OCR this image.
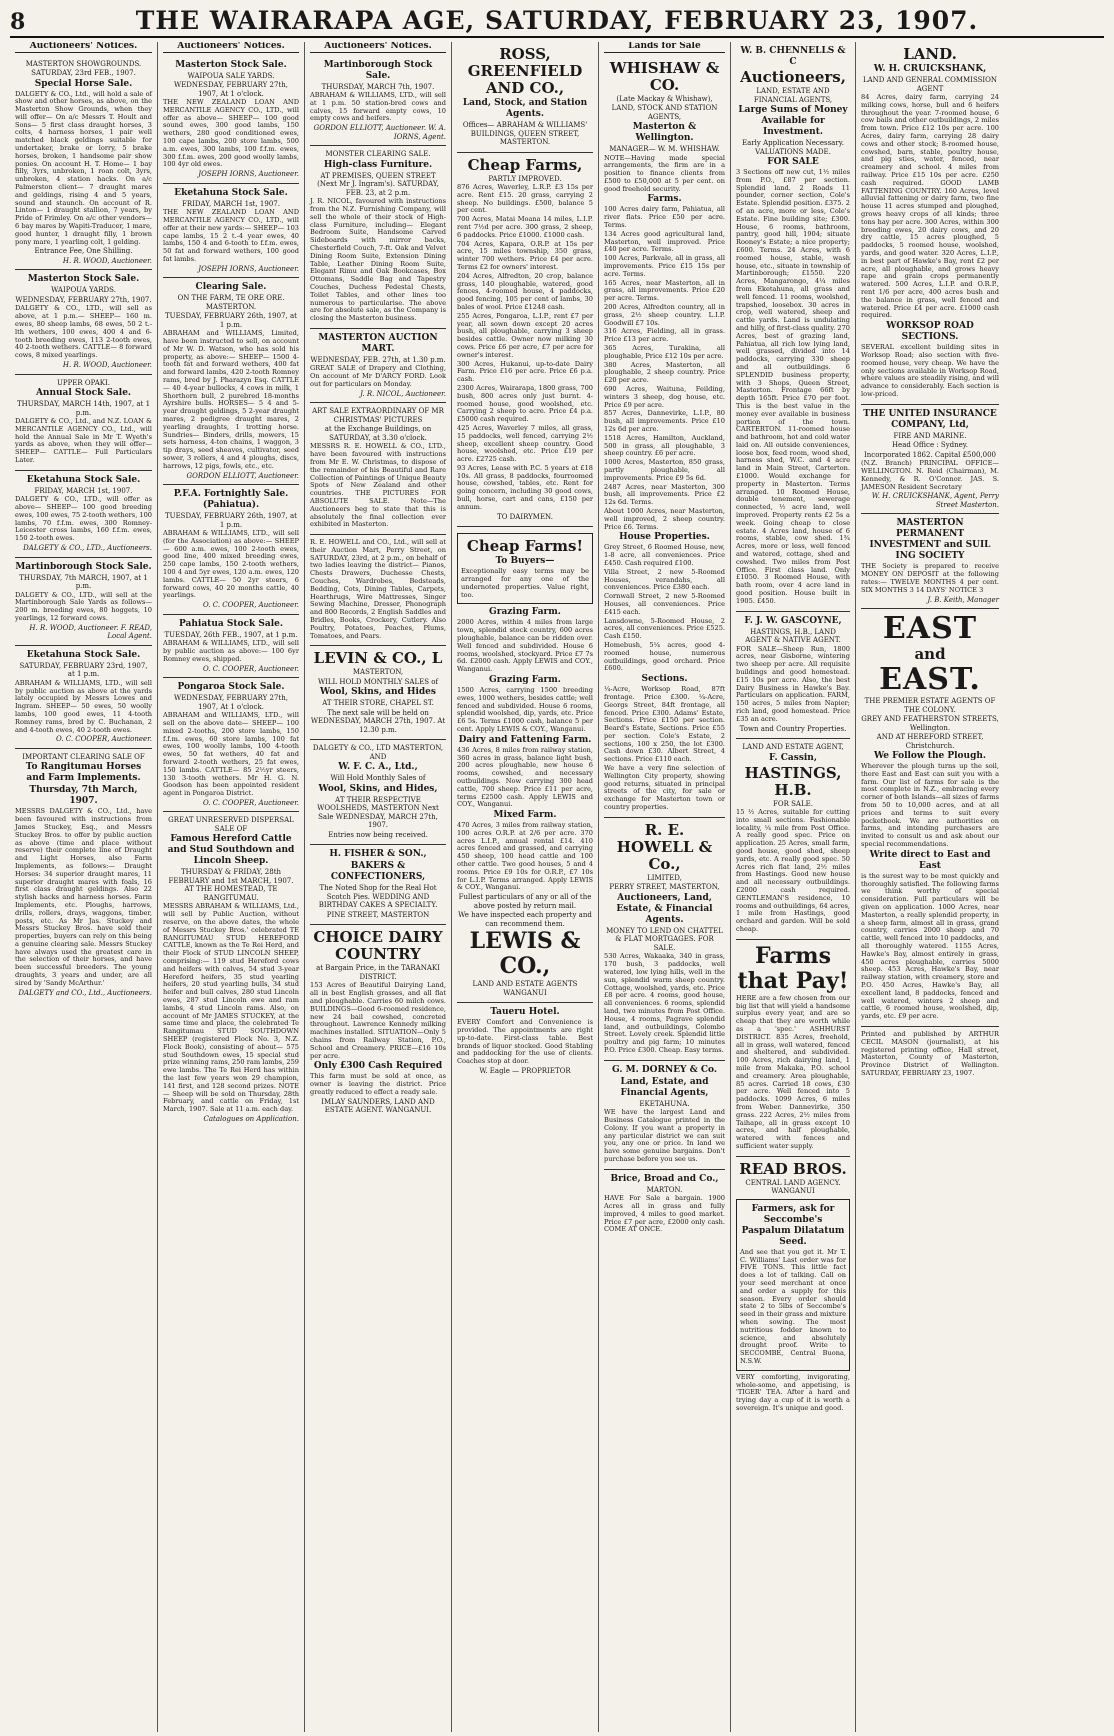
8	THE WAIRARAPA AGE, SATURDAY, FEBRUARY 23, 1907.
Auctioneers' Notices.
MASTERTON SHOWGROUNDS.
SATURDAY, 23rd FEB., 1907.
Special Horse Sale.
DALGETY & CO., Ltd., will hold a sale of show and other horses, as above, on the Masterton Show Grounds, when they will offer— On a/c Messrs T. Hoult and Sons— 5 first class draught horses, 3 colts, 4 harness horses, 1 pair well matched black geldings suitable for undertaker, brake or lorry, 5 brake horses, broken, 1 handsome pair show ponies. On account H. T. Home— 1 bay filly, 3yrs, unbroken, 1 roan colt, 3yrs, unbroken, 4 station hacks. On a/c Palmerston client— 7 draught mares and geldings, rising 4 and 5 years, sound and staunch. On account of R. Linton— 1 draught stallion, 7 years, by Pride of Frimley. On a/c other vendors— 6 bay mares by Wapiti-Traducer, 1 mare, good hunter, 1 draught filly, 1 brown pony mare, 1 yearling colt, 1 gelding.
Entrance Fee, One Shilling.
H. R. WOOD, Auctioneer.
Masterton Stock Sale.
WAIPOUA YARDS.
WEDNESDAY, FEBRUARY 27th, 1907.
DALGETY & CO., LTD., will sell as above, at 1 p.m.— SHEEP— 160 m. ewes, 80 sheep lambs, 68 ewes, 50 2 t.-lth wethers, 100 ewes, 400 4 and 6-tooth breeding ewes, 113 2-tooth ewes, 40 2-tooth wethers. CATTLE— 8 forward cows, 8 mixed yearlings.
H. R. WOOD, Auctioneer.
UPPER OPAKI.
Annual Stock Sale.
THURSDAY, MARCH 14th, 1907, at 1 p.m.
DALGETY & CO., Ltd., and N.Z. LOAN & MERCANTILE AGENCY CO., Ltd., will hold the Annual Sale in Mr T. Wyeth's yards as above, when they will offer— SHEEP— CATTLE— Full Particulars Later.
Eketahuna Stock Sale.
FRIDAY, MARCH 1st, 1907.
DALGETY & CO., LTD., will offer as above— SHEEP— 100 good breeding ewes, 100 ewes, 75 2-tooth wethers, 100 lambs, 70 f.f.m. ewes, 300 Romney-Leicester cross lambs, 160 f.f.m. ewes, 150 2-tooth ewes.
DALGETY & CO., LTD., Auctioneers.
Martinborough Stock Sale.
THURSDAY, 7th MARCH, 1907, at 1 p.m.
DALGETY & CO., LTD., will sell at the Martinborough Sale Yards as follows— 200 m. breeding ewes, 80 hoggets, 10 yearlings, 12 forward cows.
H. R. WOOD, Auctioneer. F. READ, Local Agent.
Eketahuna Stock Sale.
SATURDAY, FEBRUARY 23rd, 1907, at 1 p.m.
ABRAHAM & WILLIAMS, LTD., will sell by public auction as above at the yards lately occupied by Messrs Lowes and Ingram. SHEEP— 50 ewes, 50 woolly lambs, 100 good ewes, 11 4-tooth Romney rams, bred by C. Buchanan, 2 and 4-tooth ewes, 40 2-tooth ewes.
O. C. COOPER, Auctioneer.
IMPORTANT CLEARING SALE OF
To Rangitumau Horses and Farm Implements.
Thursday, 7th March, 1907.
MESSRS DALGETY & CO., Ltd., have been favoured with instructions from James Stuckey, Esq., and Messrs Stuckey Bros. to offer by public auction as above (time and place without reserve) their complete line of Draught and Light Horses, also Farm Implements, as follows:— Draught Horses: 34 superior draught mares, 11 superior draught mares with foals, 16 first class draught geldings. Also 22 stylish hacks and harness horses. Farm Implements, etc. Ploughs, harrows, drills, rollers, drays, waggons, timber, posts, etc. As Mr Jas. Stuckey and Messrs Stuckey Bros. have sold their properties, buyers can rely on this being a genuine clearing sale. Messrs Stuckey have always used the greatest care in the selection of their horses, and have been successful breeders. The young draughts, 3 years and under, are all sired by 'Sandy McArthur.'
DALGETY and CO., Ltd., Auctioneers.
Auctioneers' Notices.
Masterton Stock Sale.
WAIPOUA SALE YARDS.
WEDNESDAY, FEBRUARY 27th, 1907, At 1 o'clock.
THE NEW ZEALAND LOAN AND MERCANTILE AGENCY CO., LTD., will offer as above— SHEEP— 100 good sound ewes, 300 good lambs, 150 wethers, 280 good conditioned ewes, 100 cape lambs, 200 store lambs, 500 a.m. ewes, 300 lambs, 100 f.f.m. ewes, 300 f.f.m. ewes, 200 good woolly lambs, 100 4yr old ewes.
JOSEPH IORNS, Auctioneer.
Eketahuna Stock Sale.
FRIDAY, MARCH 1st, 1907.
THE NEW ZEALAND LOAN AND MERCANTILE AGENCY CO., LTD., will offer at their new yards:— SHEEP— 103 cape lambs, 15 2 t.-4 year ewes, 40 lambs, 150 4 and 6-tooth to f.f.m. ewes, 50 fat and forward wethers, 100 good fat lambs.
JOSEPH IORNS, Auctioneer.
Clearing Sale.
ON THE FARM, TE ORE ORE. MASTERTON.
TUESDAY, FEBRUARY 26th, 1907, at 1 p.m.
ABRAHAM and WILLIAMS, Limited, have been instructed to sell, on account of Mr W. D. Watson, who has sold his property, as above:— SHEEP— 1500 4-tooth fat and forward wethers, 400 fat and forward lambs, 420 2-tooth Romney rams, bred by J. Pharazyn Esq. CATTLE— 40 4-year bullocks, 4 cows in milk, 1 Shorthorn bull, 2 purebred 18-months Ayrshire bulls. HORSES— 5 4 and 5-year draught geldings, 5 2-year draught mares, 2 pedigree draught mares, 2 yearling draughts, 1 trotting horse. Sundries— Binders, drills, mowers, 15 sets harness, 4-ton chains, 1 waggon, 3 tip drays, seed sheaves, cultivator, seed sower, 3 rollers, 4 and 4 ploughs, discs, harrows, 12 pigs, fowls, etc., etc.
GORDON ELLIOTT, Auctioneer.
P.F.A. Fortnightly Sale. (Pahiatua).
TUESDAY, FEBRUARY 26th, 1907, at 1 p.m.
ABRAHAM & WILLIAMS, LTD., will sell (for the Association) as above:— SHEEP— 600 a.m. ewes, 100 2-tooth ewes, good line, 400 mixed breeding ewes, 250 cape lambs, 150 2-tooth wethers, 100 4 and 5yr ewes, 120 a.m. ewes, 120 lambs. CATTLE— 50 2yr steers, 6 forward cows, 40 20 months cattle, 40 yearlings.
O. C. COOPER, Auctioneer.
Pahiatua Stock Sale.
TUESDAY, 26th FEB., 1907, at 1 p.m.
ABRAHAM & WILLIAMS, LTD., will sell by public auction as above:— 100 6yr Romney ewes, shipped.
O. C. COOPER, Auctioneer.
Pongaroa Stock Sale.
WEDNESDAY, FEBRUARY 27th, 1907, At 1 o'clock.
ABRAHAM and WILLIAMS, LTD., will sell on the above date— SHEEP— 100 mixed 2-tooths, 200 store lambs, 150 f.f.m. ewes, 60 store lambs, 100 fat ewes, 100 woolly lambs, 100 4-tooth ewes, 50 fat wethers, 40 fat and forward 2-tooth wethers, 25 fat ewes, 150 lambs. CATTLE— 85 2½yr steers, 130 3-tooth wethers. Mr H. G. N. Goodson has been appointed resident agent in Pongaroa District.
O. C. COOPER, Auctioneer.
GREAT UNRESERVED DISPERSAL SALE OF
Famous Hereford Cattle and Stud Southdown and Lincoln Sheep.
THURSDAY & FRIDAY, 28th FEBRUARY and 1st MARCH, 1907. AT THE HOMESTEAD, TE RANGITUMAU.
MESSRS ABRAHAM & WILLIAMS, Ltd., will sell by Public Auction, without reserve, on the above dates, the whole of Messrs Stuckey Bros.' celebrated TE RANGITUMAU STUD HEREFORD CATTLE, known as the Te Rei Herd, and their Flock of STUD LINCOLN SHEEP, comprising:— 119 stud Hereford cows and heifers with calves, 54 stud 3-year Hereford heifers, 35 stud yearling heifers, 20 stud yearling bulls, 34 stud heifer and bull calves, 280 stud Lincoln ewes, 287 stud Lincoln ewe and ram lambs, 4 stud Lincoln rams. Also, on account of Mr JAMES STUCKEY, at the same time and place, the celebrated Te Rangitumau STUD SOUTHDOWN SHEEP (registered Flock No. 3, N.Z. Flock Book), consisting of about— 575 stud Southdown ewes, 15 special stud prize winning rams, 250 ram lambs, 259 ewe lambs. The Te Rei Herd has within the last few years won 29 champion, 141 first, and 128 second prizes. NOTE— Sheep will be sold on Thursday, 28th February, and cattle on Friday, 1st March, 1907. Sale at 11 a.m. each day.
Catalogues on Application.
Auctioneers' Notices.
Martinborough Stock Sale.
THURSDAY, MARCH 7th, 1907.
ABRAHAM & WILLIAMS, LTD., will sell at 1 p.m. 50 station-bred cows and calves, 15 forward empty cows, 10 empty cows and heifers.
GORDON ELLIOTT, Auctioneer. W. A. IORNS, Agent.
MONSTER CLEARING SALE.
High-class Furniture.
AT PREMISES, QUEEN STREET (Next Mr J. Ingram's). SATURDAY, FEB. 23, at 2 p.m.
J. R. NICOL, favoured with instructions from the N.Z. Furnishing Company, will sell the whole of their stock of High-class Furniture, including— Elegant Bedroom Suite, Handsome Carved Sideboards with mirror backs, Chesterfield Couch, 7-ft. Oak and Velvet Dining Room Suite, Extension Dining Table, Leather Dining Room Suite, Elegant Rimu and Oak Bookcases, Box Ottomans, Saddle Bag and Tapestry Couches, Duchess Pedestal Chests, Toilet Tables, and other lines too numerous to particularise. The above are for absolute sale, as the Company is closing the Masterton business.
MASTERTON AUCTION MART.
WEDNESDAY, FEB. 27th, at 1.30 p.m.
GREAT SALE of Drapery and Clothing, On account of Mr D'ARCY FORD. Look out for particulars on Monday.
J. R. NICOL, Auctioneer.
ART SALE EXTRAORDINARY OF MR CHRISTMAS' PICTURES
at the Exchange Buildings, on SATURDAY, at 3.30 o'clock.
MESSRS R. E. HOWELL & CO., LTD., have been favoured with instructions from Mr E. W. Christmas, to dispose of the remainder of his Beautiful and Rare Collection of Paintings of Unique Beauty Spots of New Zealand and other countries. THE PICTURES FOR ABSOLUTE SALE. Note—The Auctioneers beg to state that this is absolutely the final collection ever exhibited in Masterton.
R. E. HOWELL and CO., Ltd., will sell at their Auction Mart, Perry Street, on SATURDAY, 23rd, at 2 p.m., on behalf of two ladies leaving the district— Pianos, Chests Drawers, Duchesse Chests, Couches, Wardrobes, Bedsteads, Bedding, Cots, Dining Tables, Carpets, Hearthrugs, Wire Mattresses, Singer Sewing Machine, Dresser, Phonograph and 800 Records, 2 English Saddles and Bridles, Books, Crockery, Cutlery. Also Poultry, Potatoes, Peaches, Plums, Tomatoes, and Pears.
LEVIN & CO., L
MASTERTON,
WILL HOLD MONTHLY SALES of
Wool, Skins, and Hides
AT THEIR STORE, CHAPEL ST.
The next sale will be held on WEDNESDAY, MARCH 27th, 1907. At 12.30 p.m.
DALGETY & CO., LTD MASTERTON, AND
W. F. C. A., Ltd.,
Will Hold Monthly Sales of
Wool, Skins, and Hides,
AT THEIR RESPECTIVE WOOLSHEDS, MASTERTON Next Sale WEDNESDAY, MARCH 27th, 1907.
Entries now being received.
H. FISHER & SON.,
BAKERS & CONFECTIONERS,
The Noted Shop for the Real Hot Scotch Pies. WEDDING AND BIRTHDAY CAKES A SPECIALTY.
PINE STREET, MASTERTON
CHOICE DAIRY COUNTRY
at Bargain Price, in the TARANAKI DISTRICT.
153 Acres of Beautiful Dairying Land, all in best English grasses, and all flat and ploughable. Carries 60 milch cows. BUILDINGS—Good 6-roomed residence, new 24 bail cowshed, concreted throughout. Lawrence Kennedy milking machines installed. SITUATION—Only 5 chains from Railway Station, P.O., School and Creamery. PRICE—£16 10s per acre.
Only £300 Cash Required
This farm must be sold at once, as owner is leaving the district. Price greatly reduced to effect a ready sale.
IMLAY SAUNDERS, LAND AND ESTATE AGENT. WANGANUI.
ROSS, GREENFIELD AND CO.,
Land, Stock, and Station Agents.
Offices— ABRAHAM & WILLIAMS' BUILDINGS, QUEEN STREET, MASTERTON.
Cheap Farms,
PARTLY IMPROVED.
876 Acres, Waverley, L.R.P. £3 15s per acre. Rent £15. 20 grass, carrying 2 sheep. No buildings. £500, balance 5 per cent.
700 Acres, Matai Moana 14 miles, L.I.P. rent 7½d per acre. 300 grass, 2 sheep, 6 paddocks. Price £1000. £1000 cash.
704 Acres, Kapara, O.R.P. at 15s per acre, 15 miles township, 350 grass, winter 700 wethers. Price £4 per acre. Terms £2 for owners' interest.
204 Acres, Alfredton, 20 crop, balance grass, 140 ploughable, watered, good fences, 4-roomed house, 4 paddocks, good fencing, 105 per cent of lambs, 30 bales of wool. Price £1248 cash.
255 Acres, Pongaroa, L.I.P., rent £7 per year, all sown down except 20 acres bush, all ploughable, carrying 3 sheep besides cattle. Owner now milking 30 cows. Price £6 per acre, £7 per acre for owner's interest.
300 Acres, Hukanui, up-to-date Dairy Farm. Price £16 per acre. Price £6 p.a. cash.
2300 Acres, Wairarapa, 1800 grass, 700 bush, 800 acres only just burnt. 4-roomed house, good woolshed, etc. Carrying 2 sheep to acre. Price £4 p.a. £5000 cash required.
425 Acres, Waverley 7 miles, all grass, 15 paddocks, well fenced, carrying 2½ sheep, excellent sheep country. Good house, woolshed, etc. Price £19 per acre. £2725 cash.
93 Acres, Lease with P.C. 5 years at £18 10s. All grass, 8 paddocks, fourroomed house, cowshed, tables, etc. Rent for going concern, including 30 good cows, bull, horse, cart and cans, £150 per annum.
TO DAIRYMEN.
Cheap Farms!
To Buyers—
Exceptionally easy terms may be arranged for any one of the undernoted properties. Value right, too.
Grazing Farm.
2000 Acres, within 4 miles from large town, splendid stock country, 600 acres ploughable, balance can be ridden over. Well fenced and subdivided. House 6 rooms, woolshed, stockyard. Price £7 7s 6d. £2000 cash. Apply LEWIS and COY., Wanganui.
Grazing Farm.
1500 Acres, carrying 1500 breeding ewes, 1000 wethers, besides cattle; well fenced and subdivided. House 6 rooms, splendid woolshed, dip, yards, etc. Price £6 5s. Terms £1000 cash, balance 5 per cent. Apply LEWIS & COY., Wanganui.
Dairy and Fattening Farm.
436 Acres, 8 miles from railway station, 360 acres in grass, balance light bush, 200 acres ploughable, new house 6 rooms, cowshed, and necessary outbuildings. Now carrying 300 head cattle, 700 sheep. Price £11 per acre, terms £2500 cash. Apply LEWIS and COY., Wanganui.
Mixed Farm.
470 Acres, 3 miles from railway station, 100 acres O.R.P. at 2/6 per acre. 370 acres L.I.P., annual rental £14. 410 acres fenced and grassed, and carrying 450 sheep, 100 head cattle and 100 other cattle. Two good houses, 5 and 4 rooms. Price £9 10s for O.R.P., £7 10s for L.I.P. Terms arranged. Apply LEWIS & COY., Wanganui.
Fullest particulars of any or all of the above posted by return mail.
We have inspected each property and can recommend them.
LEWIS & CO.,
LAND AND ESTATE AGENTS WANGANUI
Taueru Hotel.
EVERY Comfort and Convenience is provided. The appointments are right up-to-date. First-class table. Best brands of liquor stocked. Good Stabling and paddocking for the use of clients. Coaches stop at door.
W. Eagle — PROPRIETOR
Lands for Sale
WHISHAW & CO.
(Late Mackay & Whishaw),
LAND, STOCK AND STATION AGENTS,
Masterton & Wellington.
MANAGER— W. M. WHISHAW.
NOTE—Having made special arrangements, the firm are in a position to finance clients from £500 to £50,000 at 5 per cent. on good freehold security.
Farms.
100 Acres dairy farm, Pahiatua, all river flats. Price £50 per acre. Terms.
134 Acres good agricultural land, Masterton, well improved. Price £40 per acre. Terms.
100 Acres, Parkvale, all in grass, all improvements. Price £15 15s per acre. Terms.
165 Acres, near Masterton, all in grass, all improvements. Price £20 per acre. Terms.
200 Acres, Alfredton country, all in grass, 2½ sheep country. L.I.P. Goodwill £7 10s.
316 Acres, Fielding, all in grass. Price £13 per acre.
365 Acres, Turakina, all ploughable, Price £12 10s per acre.
380 Acres, Masterton, all ploughable, 2 sheep country. Price £20 per acre.
690 Acres, Waituna, Feilding, winters 3 sheep, dog house, etc. Price £9 per acre.
857 Acres, Dannevirke, L.I.P., 80 bush, all improvements. Price £10 12s 6d per acre.
1518 Acres, Hamilton, Auckland, 500 in grass, all ploughable, 3 sheep country. £6 per acre.
1000 Acres, Masterton, 850 grass, partly ploughable, all improvements. Price £9 5s 6d.
2487 Acres, near Masterton, 300 bush, all improvements. Price £2 12s 6d. Terms.
About 1000 Acres, near Masterton, well improved, 2 sheep country. Price £6. Terms.
House Properties.
Grey Street, 6 Roomed House, new, 1-8 acre, all conveniences. Price £450. Cash required £100.
Villa Street, 2 new 5-Roomed Houses, verandahs, all conveniences. Price £380 each.
Cornwall Street, 2 new 5-Roomed Houses, all conveniences. Price £415 each.
Lansdowne, 5-Roomed House, 2 acres, all conveniences. Price £525. Cash £150.
Homebush, 5¼ acres, good 4-roomed house, numerous outbuildings, good orchard. Price £600.
Sections.
¼-Acre, Worksop Road, 87ft frontage. Price £300. ¼-Acre, Georgs Street, 84ft frontage, all fenced. Price £300. Adams' Estate, Sections. Price £150 per section. Beard's Estate, Sections. Price £55 per section. Cole's Estate, 2 sections, 100 x 250, the lot £300. Cash down £30. Albert Street, 4 sections. Price £110 each.
We have a very fine selection of Wellington City property, showing good returns, situated in principal streets of the city, for sale or exchange for Masterton town or country properties.
R. E. HOWELL & Co.,
LIMITED,
PERRY STREET, MASTERTON,
Auctioneers, Land, Estate, & Financial Agents.
MONEY TO LEND ON CHATTEL & FLAT MORTGAGES. FOR SALE.
530 Acres, Wakaaka, 340 in grass, 170 bush, 3 paddocks, well watered, low lying hills, well in the sun, splendid warm sheep country. Cottage, woolshed, yards, etc. Price £8 per acre. 4 rooms, good house, all conveniences. 6 rooms, splendid land, two minutes from Post Office. House, 4 rooms, Pagrave splendid land, and outbuildings, Colombo Street. Lovely creek. Splendid little poultry and pig farm; 10 minutes P.O. Price £300. Cheap. Easy terms.
G. M. DORNEY & Co.
Land, Estate, and Financial Agents,
EKETAHUNA.
WE have the largest Land and Business Catalogue printed in the Colony. If you want a property in any particular district we can suit you, any one or price. In land we have some genuine bargains. Don't purchase before you see us.
Brice, Broad and Co.,
MARTON.
HAVE For Sale a bargain. 1900 Acres all in grass and fully improved, 4 miles to good market. Price £7 per acre, £2000 only cash. COME AT ONCE.
W. B. CHENNELLS & C
Auctioneers,
LAND, ESTATE AND FINANCIAL AGENTS,
Large Sums of Money Available for Investment.
Early Application Necessary. VALUATIONS MADE.
FOR SALE
3 Sections off new cut, 1½ miles from P.O., £87 per section. Splendid land. 2 Roads 11 pounder, corner section, Cole's Estate. Splendid position. £375. 2 of an acre, more or less, Cole's Estate. Fine building site; £300. House, 6 rooms, bathroom, pantry, good hill, 1904; situate Rooney's Estate; a nice property; £600. Terms. 24 Acres, with 6 roomed house, stable, wash house, etc., situate in township of Martinborough; £1550. 220 Acres, Mangarongo, 4¼ miles from Eketahuna, all grass and well fenced. 11 rooms, woolshed, trapshed, loosebox. 30 acres in crop, well watered, sheep and cattle yards. Land is undulating and hilly, of first-class quality. 270 Acres, best of grazing land, Pahiatua, all rich low lying land, well grassed, divided into 14 paddocks, carrying 330 sheep and all outbuildings. 6 SPLENDID business property, with 3 Shops, Queen Street, Masterton. Frontage 66ft by depth 165ft. Price £70 per foot. This is the best value in the money ever available in business portion of the town. CARTERTON. 11-roomed house and bathroom, hot and cold water laid on. All outside conveniences, loose box, feed room, wood shed, harness shed, W.C. and 4 acre land in Main Street, Carterton. £1000. Would exchange for property in Masterton. Terms arranged. 10 Roomed House, double tenement, sewerage connected, ½ acre land, well improved. Property rents £2 5s a week. Going cheap to close estate. 4 Acres land, house of 6 rooms, stable, cow shed. 1¾ Acres, more or less, well fenced and watered, cottage, shed and cowshed. Two miles from Post Office. First class land. Only £1050. 3 Roomed House, with bath room, over 4 acre land in good position. House built in 1905. £450.
F. J. W. GASCOYNE,
HASTINGS, H.B., LAND AGENT & NATIVE AGENT.
FOR SALE—Sheep Run, 1800 acres, near Gisborne, wintering two sheep per acre. All requisite buildings and good homestead. £15 10s per acre. Also, the best Dairy Business in Hawke's Bay. Particulars on application. FARM, 150 acres, 5 miles from Napier; rich land, good homestead. Price £35 an acre.
Town and Country Properties.
LAND AND ESTATE AGENT,
F. Cassin,
HASTINGS, H.B.
FOR SALE.
15 ½ Acres, suitable for cutting into small sections. Fashionable locality, ¼ mile from Post Office. A really good spec. Price on application. 25 Acres, small farm, good house, good shed, sheep yards, etc. A really good spec. 50 Acres rich flat land, 2½ miles from Hastings. Good new house and all necessary outbuildings. £2000 cash required. GENTLEMAN'S residence, 10 rooms and outbuildings, 64 acres, 1 mile from Hastings, good orchard and garden. Will be sold cheap.
Farms that Pay!
HERE are a few chosen from our big list that will yield a handsome surplus every year, and are so cheap that they are worth while as a 'spec.' ASHHURST DISTRICT. 835 Acres, freehold, all in grass, well watered, fenced and sheltered, and subdivided. 100 Acres, rich dairying land, 1 mile from Makaka, P.O. school and creamery. Area ploughable, 85 acres. Carried 18 cows, £30 per acre. Well fenced into 5 paddocks. 1099 Acres, 6 miles from Weber. Dannevirke, 350 grass. 222 Acres, 2½ miles from Taihape, all in grass except 10 acres, and half ploughable, watered with fences and sufficient water supply.
READ BROS.
CENTRAL LAND AGENCY. WANGANUI
Farmers, ask for Seccombe's Paspalum Dilatatum Seed.
And see that you get it. Mr T. C. Williams' Last order was for FIVE TONS. This little fact does a lot of talking. Call on your seed merchant at once and order a supply for this season. Every order should state 2 to 5lbs of Seccombe's seed in their grass and mixture when sowing. The most nutritious fodder known to science, and absolutely drought proof. Write to SECCOMBE, Central Buona, N.S.W.
VERY comforting, invigorating, whole-some, and appetising, is 'TIGER' TEA. After a hard and trying day a cup of it is worth a sovereign. It's unique and good.
LAND.
W. H. CRUICKSHANK,
LAND AND GENERAL COMMISSION AGENT
84 Acres, dairy farm, carrying 24 milking cows, horse, bull and 6 heifers throughout the year. 7-roomed house, 6 cow bails and other outbuildings, 2 miles from town. Price £12 10s per acre. 100 Acres, dairy farm, carrying 28 dairy cows and other stock; 8-roomed house, cowshed, barn, stable, poultry house, and pig sties, water, fenced, near creamery and school. 4 miles from railway. Price £15 10s per acre. £250 cash required. GOOD LAMB FATTENING COUNTRY. 160 Acres, level alluvial fattening or dairy farm, two fine house 11 acres stumped and ploughed, grows heavy crops of all kinds; three tons hay per acre. 300 Acres, within 300 breeding ewes, 20 dairy cows, and 20 dry cattle, 15 acres ploughed, 5 paddocks, 5 roomed house, woolshed, yards, and good water. 320 Acres, L.I.P., in best part of Hawke's Bay, rent £2 per acre, all ploughable, and grows heavy rape and grain crops permanently watered. 500 Acres, L.I.P. and O.R.P., rent 1/6 per acre, 400 acres bush and the balance in grass, well fenced and watered. Price £4 per acre. £1000 cash required.
WORKSOP ROAD SECTIONS.
SEVERAL excellent building sites in Worksop Road; also section with five-roomed house, very cheap. We have the only sections available in Worksop Road, where values are steadily rising, and will advance to considerably. Each section is low-priced.
THE UNITED INSURANCE COMPANY, Ltd,
FIRE AND MARINE.
Head Office : Sydney.
Incorporated 1862. Capital £500,000
(N.Z. Branch) PRINCIPAL OFFICE—WELLINGTON. N. Reid (Chairman), M. Kennedy, & R. O'Connor. JAS. S. JAMESON Resident Secretary
W. H. CRUICKSHANK, Agent, Perry Street Masterton.
MASTERTON PERMANENT INVESTMENT and SUIL ING SOCIETY
THE Society is prepared to receive MONEY ON DEPOSIT at the following rates:— TWELVE MONTHS 4 per cent. SIX MONTHS 3 14 DAYS' NOTICE 3
J. B. Keith, Manager
EAST
and
EAST.
THE PREMIER ESTATE AGENTS OF THE COLONY.
GREY AND FEATHERSTON STREETS, Wellington.
AND AT HEREFORD STREET, Christchurch.
We Follow the Plough.
Wherever the plough turns up the soil, there East and East can suit you with a farm. Our list of farms for sale is the most complete in N.Z., embracing every corner of both Islands—all sizes of farms from 50 to 10,000 acres, and at all prices and terms to suit every pocketbook. We are authorities on farms, and intending purchasers are invited to consult us and ask about our special recommendations.
Write direct to East and East
is the surest way to be most quickly and thoroughly satisfied. The following farms we think worthy of special consideration. Full particulars will be given on application. 1000 Acres, near Masterton, a really splendid property, in a sheep farm, almost all in grass, grand country, carries 2000 sheep and 70 cattle, well fenced into 10 paddocks, and all thoroughly watered. 1155 Acres, Hawke's Bay, almost entirely in grass, 450 acres ploughable, carries 5000 sheep. 453 Acres, Hawke's Bay, near railway station, with creamery, store and P.O. 450 Acres, Hawke's Bay, all excellent land, 8 paddocks, fenced and well watered, winters 2 sheep and cattle, 6 roomed house, woolshed, dip, yards, etc. £9 per acre.
Printed and published by ARTHUR CECIL MASON (journalist), at his registered printing office, Hall street, Masterton, County of Masterton, Province District of Wellington. SATURDAY, FEBRUARY 23, 1907.
